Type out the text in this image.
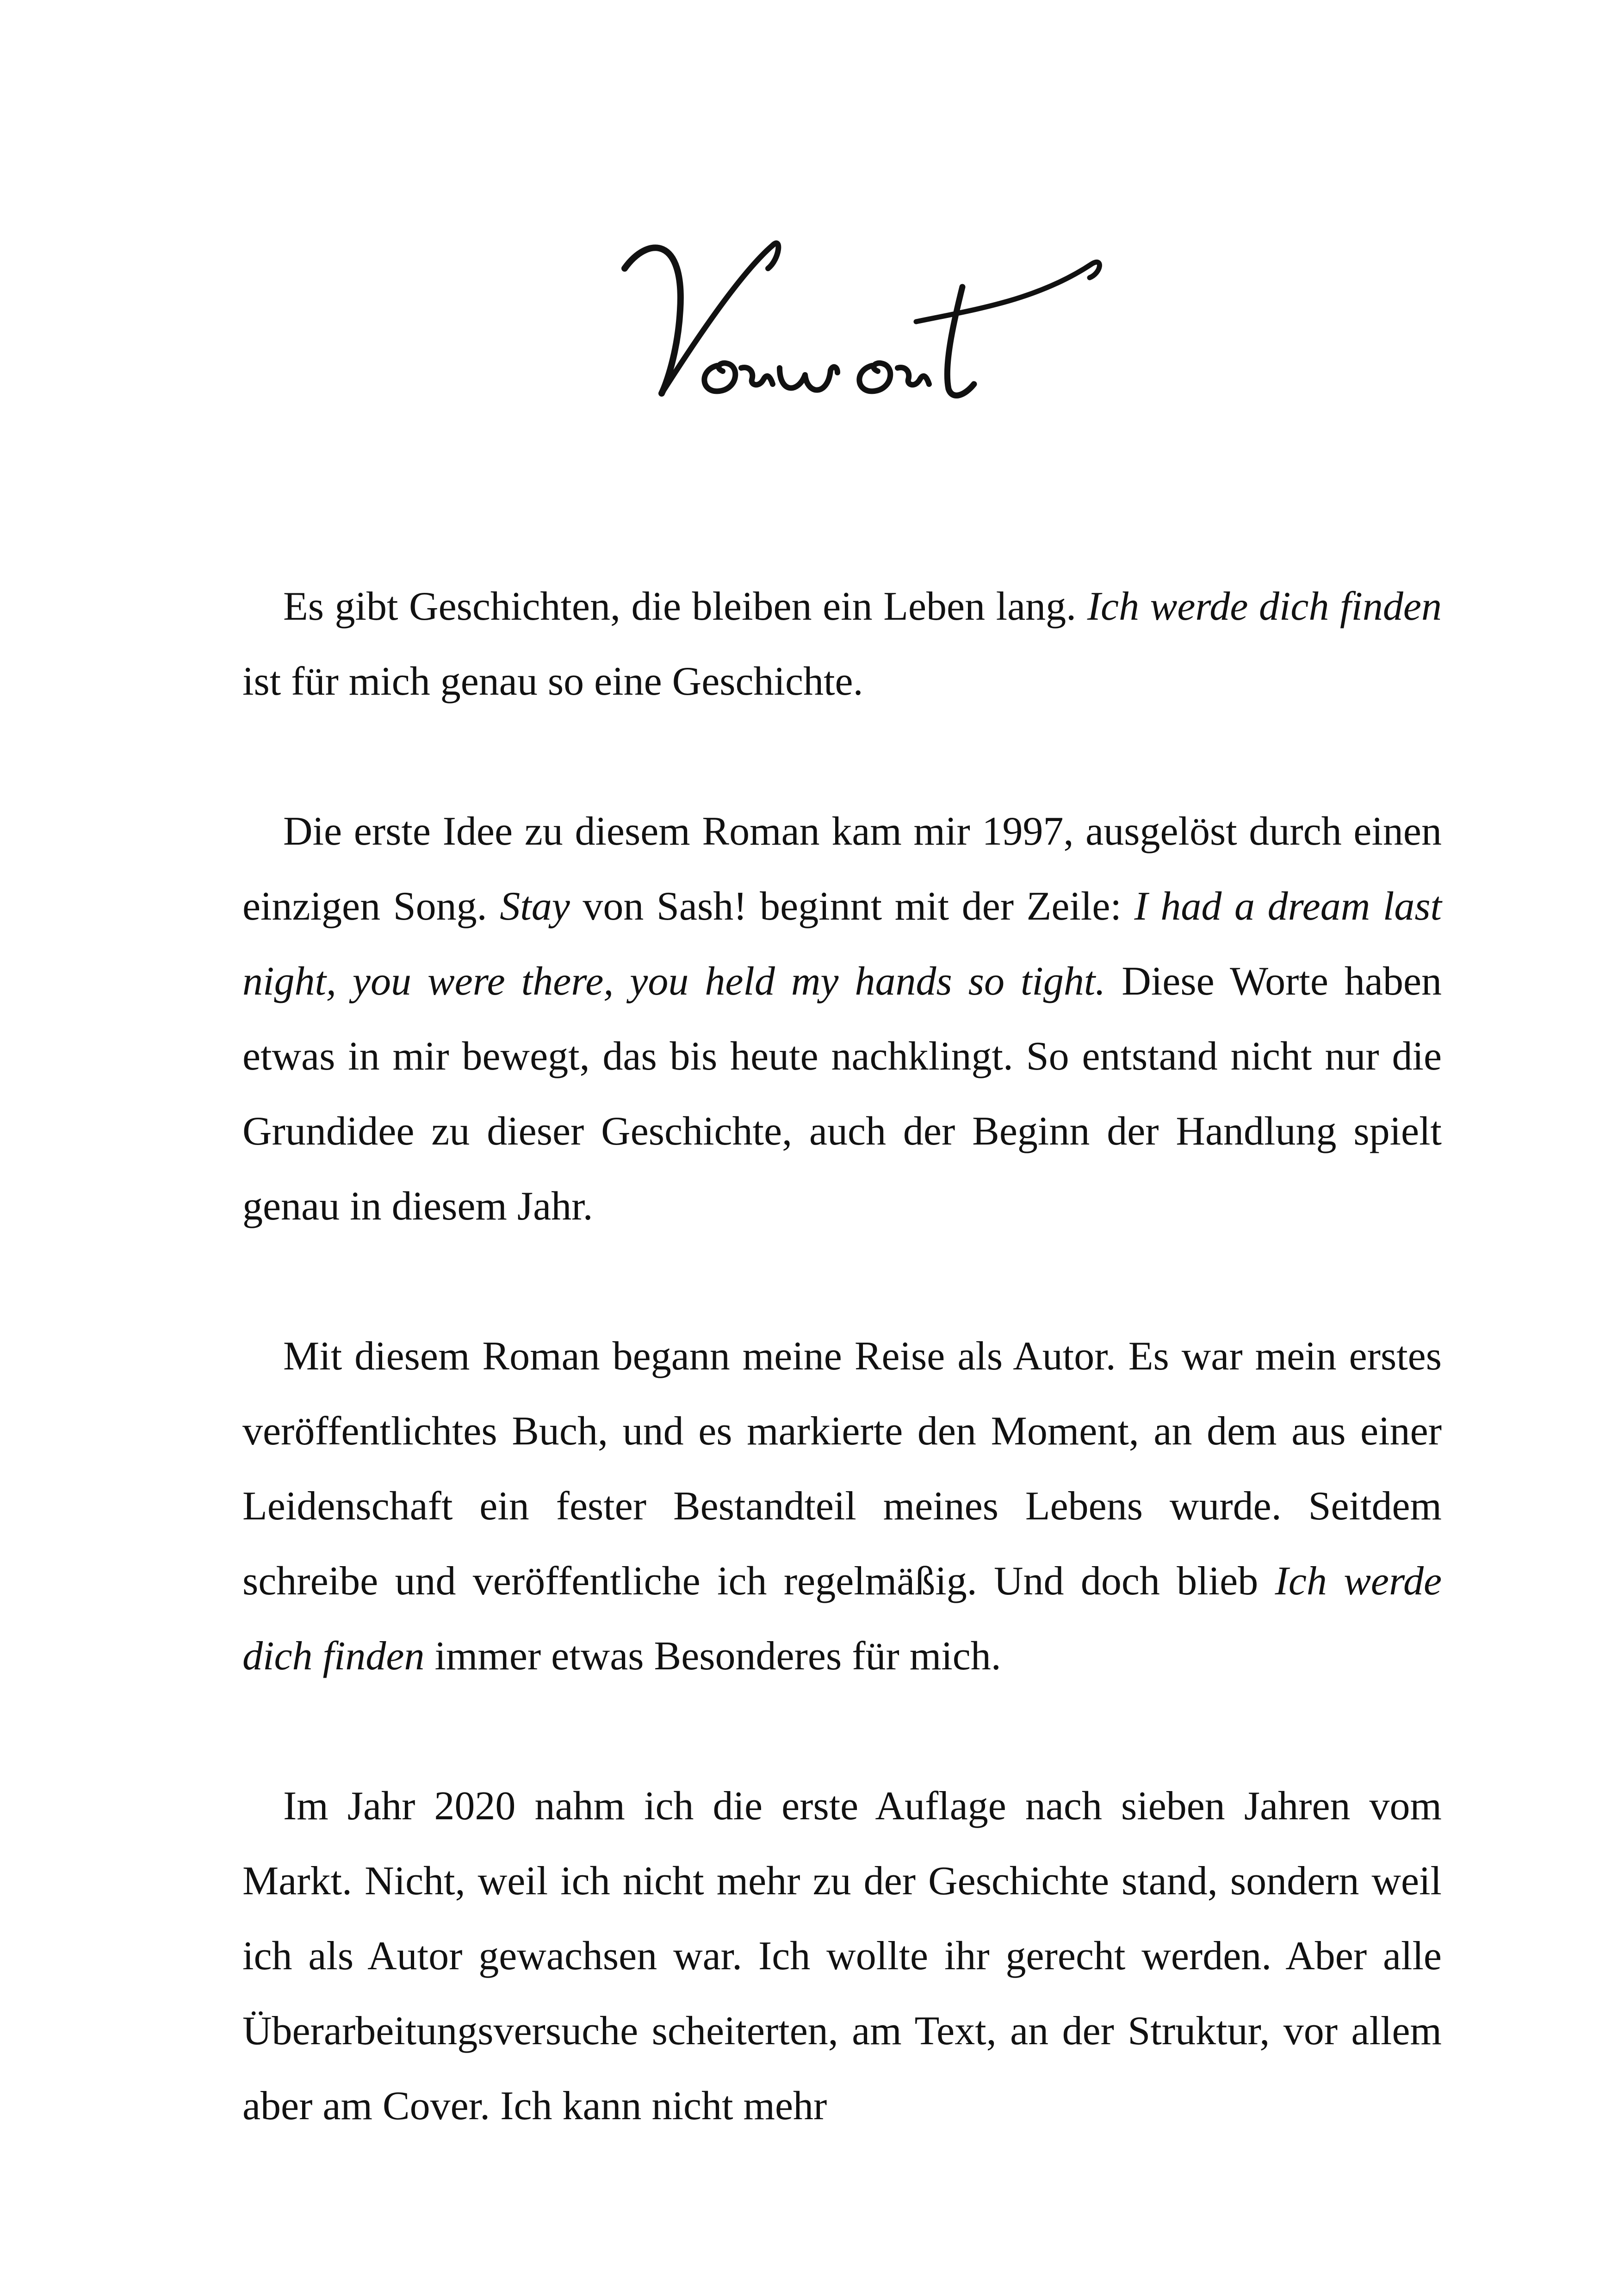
Es gibt Geschichten, die bleiben ein Leben lang. Ich werde dich finden ist für mich genau so eine Geschichte.

Die erste Idee zu diesem Roman kam mir 1997, ausgelöst durch einen einzigen Song. Stay von Sash! beginnt mit der Zeile: I had a dream last night, you were there, you held my hands so tight. Diese Worte haben etwas in mir bewegt, das bis heute nachklingt. So entstand nicht nur die Grundidee zu dieser Geschichte, auch der Beginn der Handlung spielt genau in diesem Jahr.

Mit diesem Roman begann meine Reise als Autor. Es war mein erstes veröffentlichtes Buch, und es markierte den Moment, an dem aus einer Leidenschaft ein fester Bestandteil meines Lebens wurde. Seitdem schreibe und veröffentliche ich regelmäßig. Und doch blieb Ich werde dich finden immer etwas Besonderes für mich.

Im Jahr 2020 nahm ich die erste Auflage nach sieben Jahren vom Markt. Nicht, weil ich nicht mehr zu der Geschichte stand, sondern weil ich als Autor gewachsen war. Ich wollte ihr gerecht werden. Aber alle Überarbeitungsversuche scheiterten, am Text, an der Struktur, vor allem aber am Cover. Ich kann nicht mehr
